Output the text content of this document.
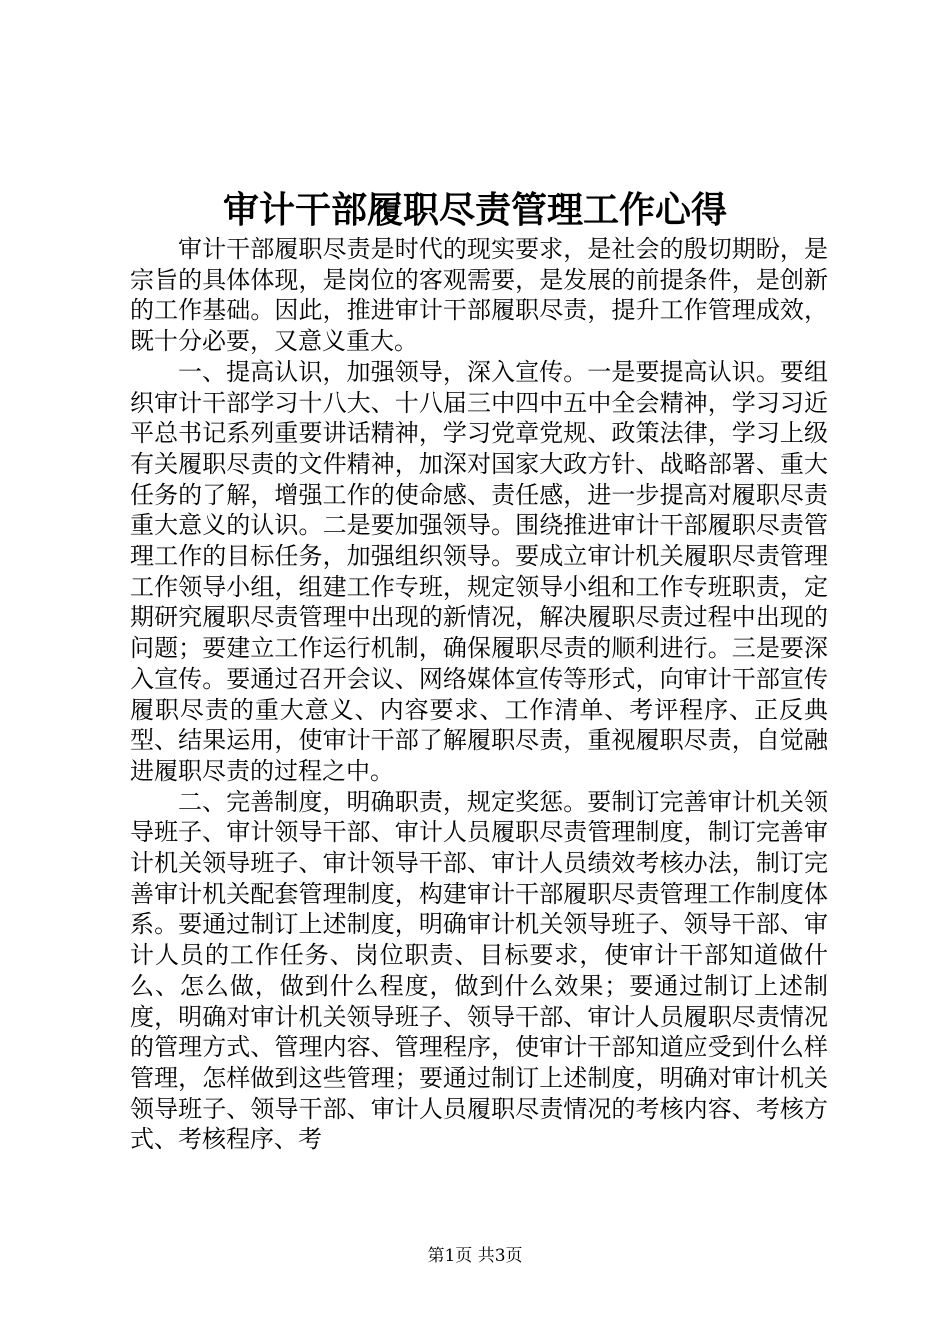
审计干部履职尽责管理工作心得

审计干部履职尽责是时代的现实要求，是社会的殷切期盼，是宗旨的具体体现，是岗位的客观需要，是发展的前提条件，是创新的工作基础。因此，推进审计干部履职尽责，提升工作管理成效，既十分必要，又意义重大。

一、提高认识，加强领导，深入宣传。一是要提高认识。要组织审计干部学习十八大、十八届三中四中五中全会精神，学习习近平总书记系列重要讲话精神，学习党章党规、政策法律，学习上级有关履职尽责的文件精神，加深对国家大政方针、战略部署、重大任务的了解，增强工作的使命感、责任感，进一步提高对履职尽责重大意义的认识。二是要加强领导。围绕推进审计干部履职尽责管理工作的目标任务，加强组织领导。要成立审计机关履职尽责管理工作领导小组，组建工作专班，规定领导小组和工作专班职责，定期研究履职尽责管理中出现的新情况，解决履职尽责过程中出现的问题；要建立工作运行机制，确保履职尽责的顺利进行。三是要深入宣传。要通过召开会议、网络媒体宣传等形式，向审计干部宣传履职尽责的重大意义、内容要求、工作清单、考评程序、正反典型、结果运用，使审计干部了解履职尽责，重视履职尽责，自觉融进履职尽责的过程之中。

二、完善制度，明确职责，规定奖惩。要制订完善审计机关领导班子、审计领导干部、审计人员履职尽责管理制度，制订完善审计机关领导班子、审计领导干部、审计人员绩效考核办法，制订完善审计机关配套管理制度，构建审计干部履职尽责管理工作制度体系。要通过制订上述制度，明确审计机关领导班子、领导干部、审计人员的工作任务、岗位职责、目标要求，使审计干部知道做什么、怎么做，做到什么程度，做到什么效果；要通过制订上述制度，明确对审计机关领导班子、领导干部、审计人员履职尽责情况的管理方式、管理内容、管理程序，使审计干部知道应受到什么样管理，怎样做到这些管理；要通过制订上述制度，明确对审计机关领导班子、领导干部、审计人员履职尽责情况的考核内容、考核方式、考核程序、考

第1页 共3页
